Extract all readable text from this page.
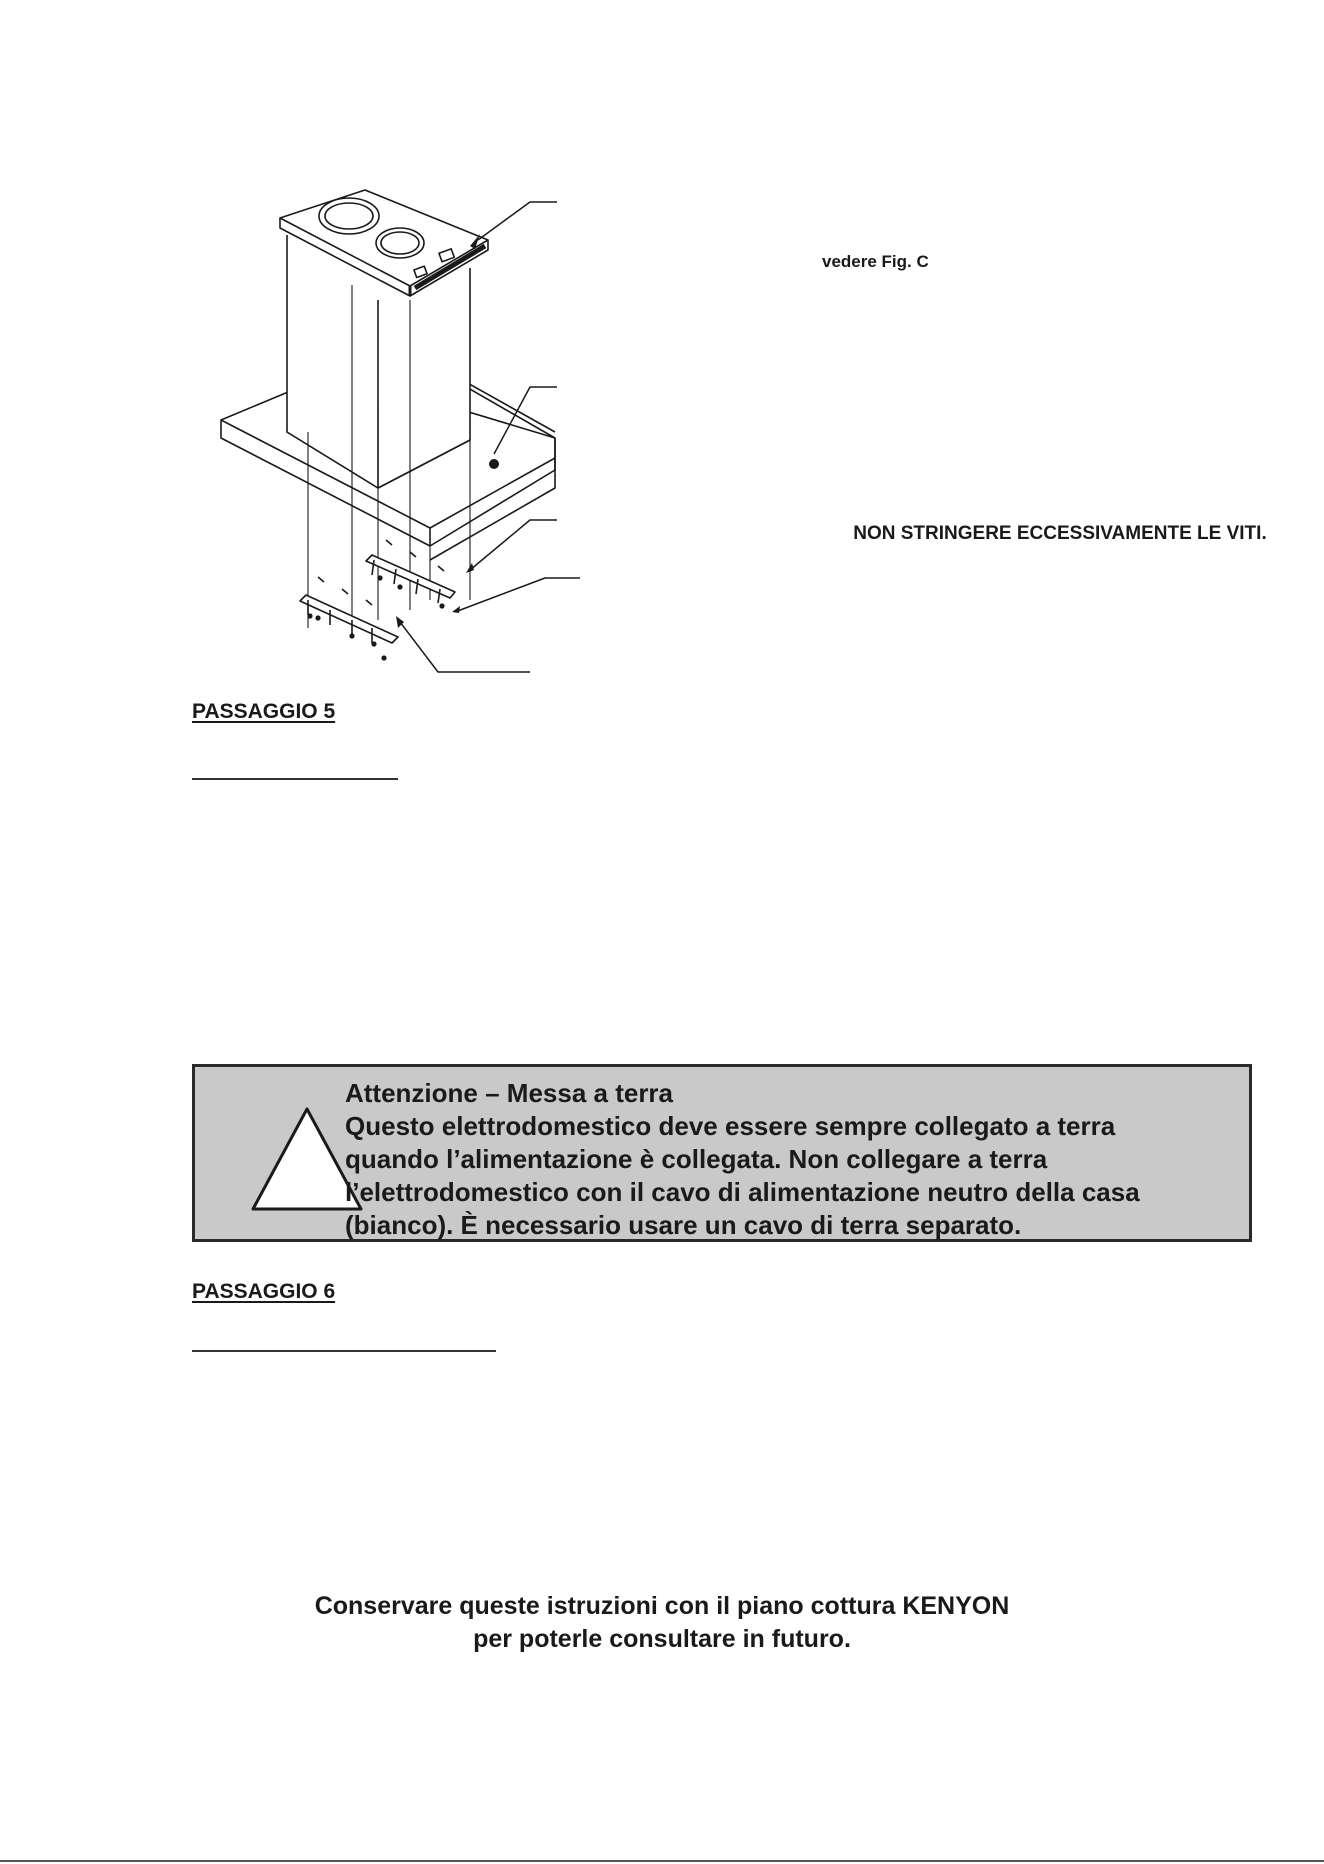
vedere Fig. C
NON STRINGERE ECCESSIVAMENTE LE VITI.
PASSAGGIO 5
Attenzione – Messa a terra
Questo elettrodomestico deve essere sempre collegato a terra
quando l’alimentazione è collegata. Non collegare a terra
l’elettrodomestico con il cavo di alimentazione neutro della casa
(bianco). È necessario usare un cavo di terra separato.
PASSAGGIO 6
Conservare queste istruzioni con il piano cottura KENYON
per poterle consultare in futuro.
